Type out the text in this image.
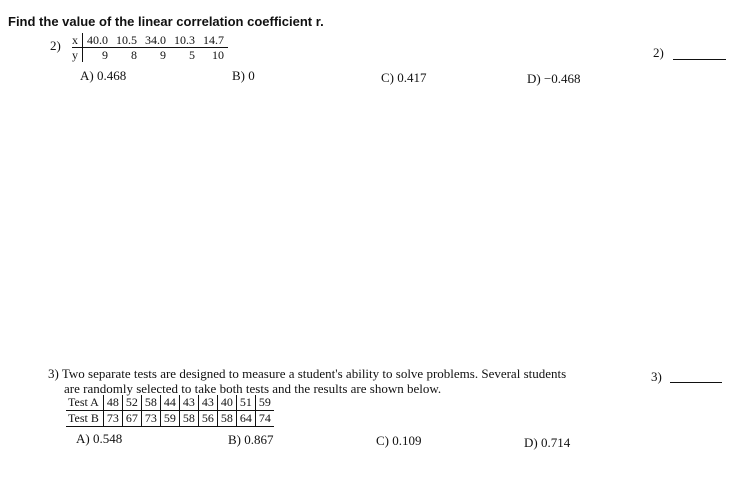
Find the value of the linear correlation coefficient r.
2) x	40.0	10.5	34.0	10.3	14.7
y	9	8	9	5	10
A) 0.468	B) 0	C) 0.417	D) −0.468
2)
3) Two separate tests are designed to measure a student's ability to solve problems. Several students
are randomly selected to take both tests and the results are shown below.
3)
Test A	48	52	58	44	43	43	40	51	59
Test B	73	67	73	59	58	56	58	64	74
A) 0.548	B) 0.867	C) 0.109	D) 0.714
